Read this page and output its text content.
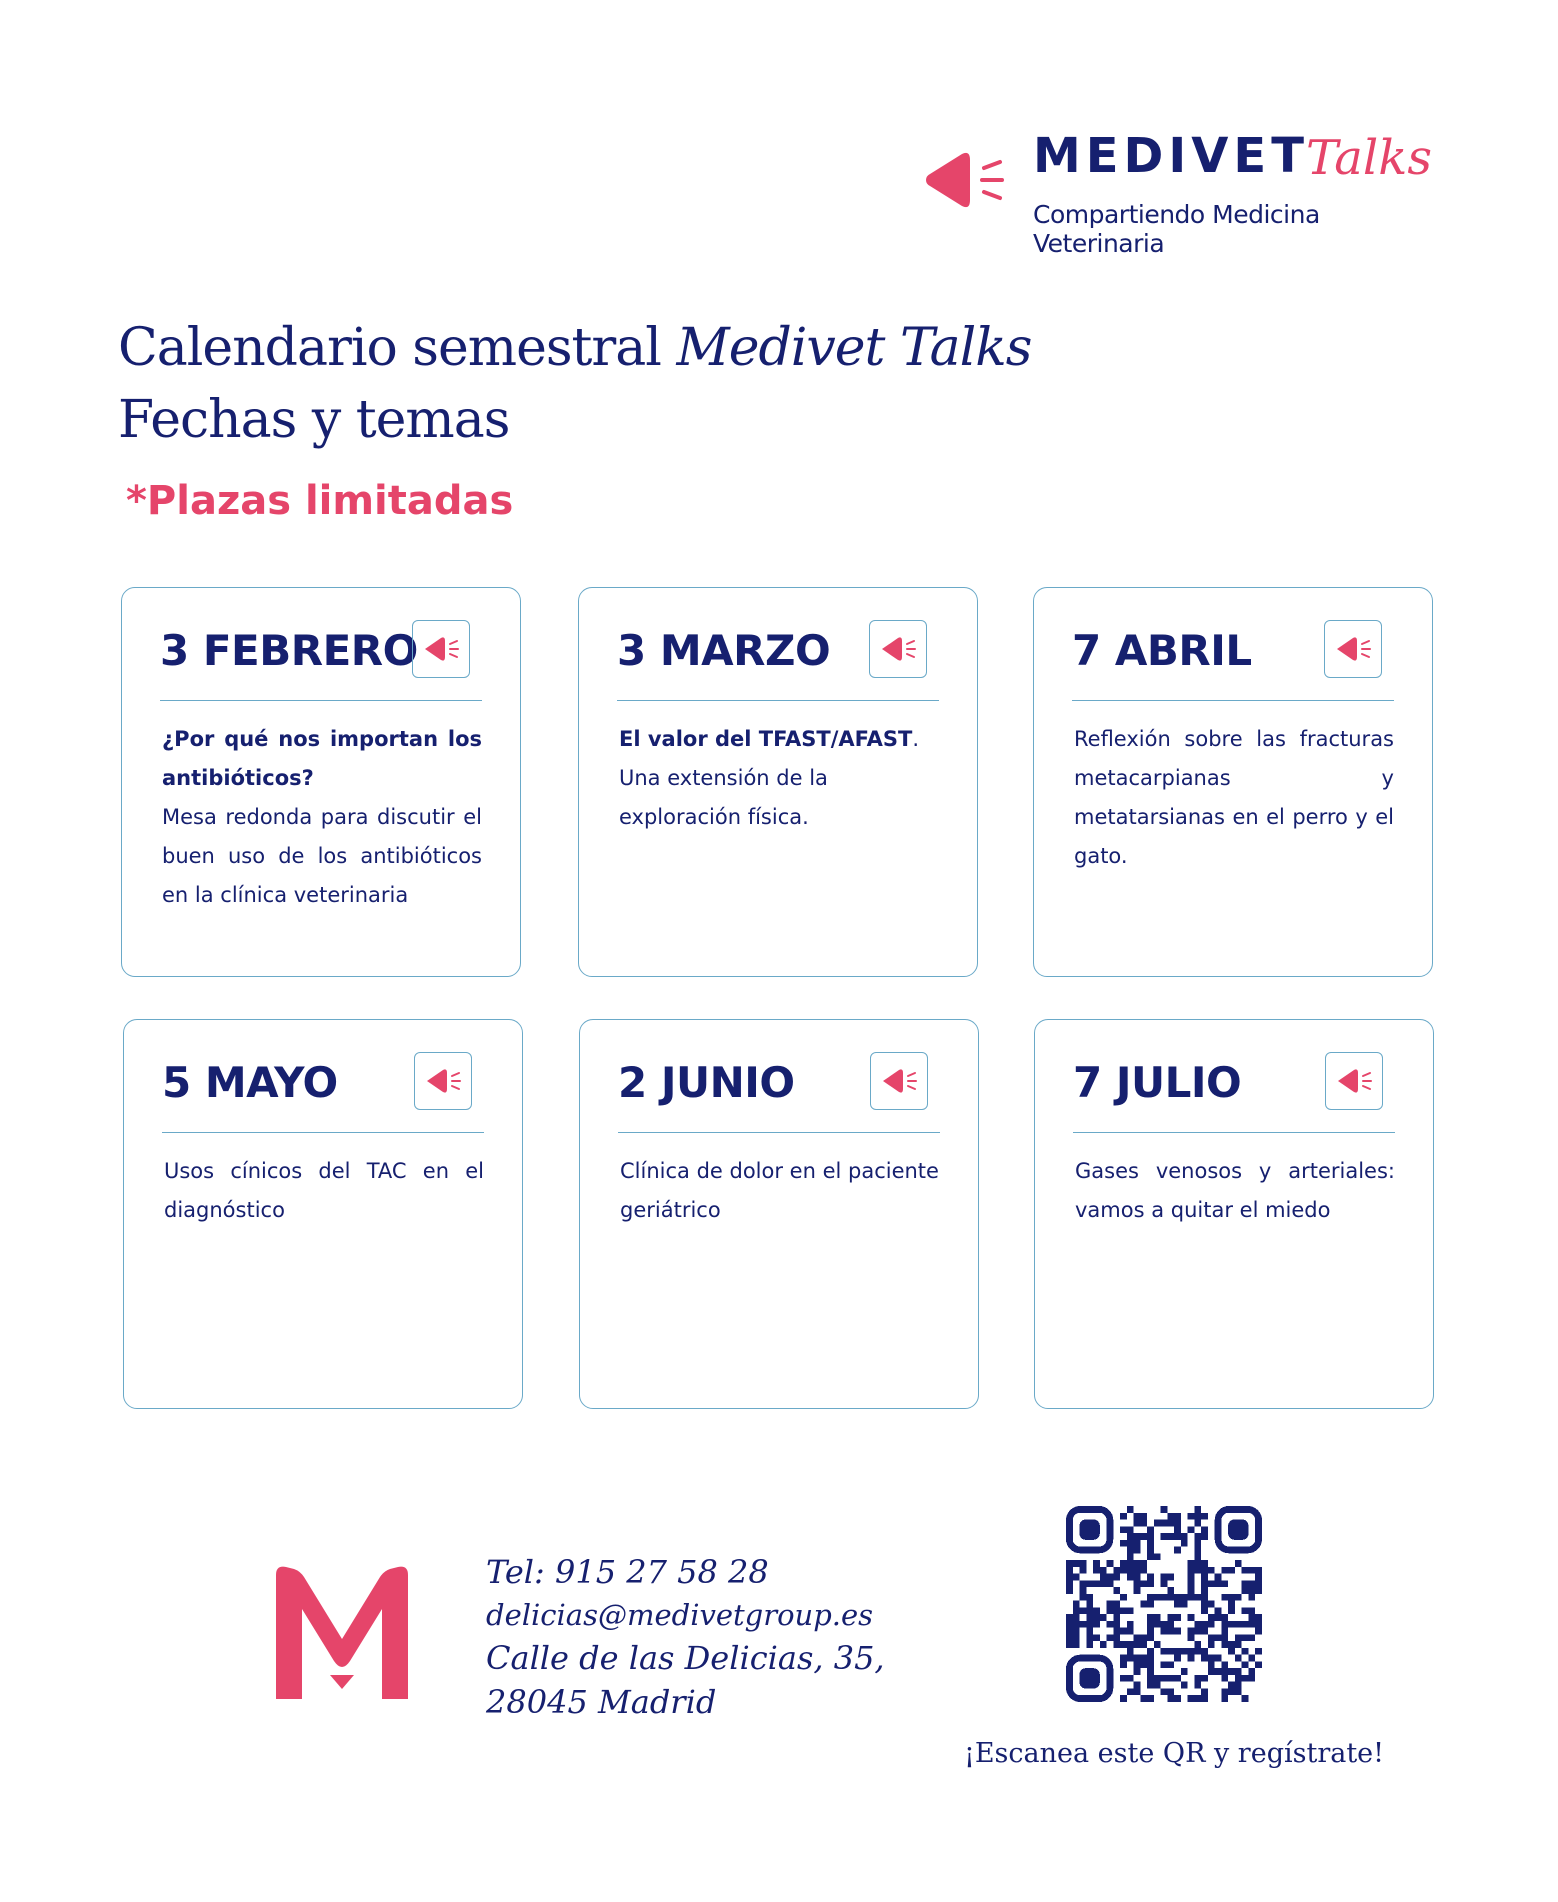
MEDIVET
Talks
Compartiendo Medicina Veterinaria
Calendario semestral Medivet Talks
Fechas y temas
*Plazas limitadas
3 FEBRERO
¿Por qué nos importan los antibióticos?
Mesa redonda para discutir el buen uso de los antibióticos en la clínica veterinaria
3 MARZO
El valor del TFAST/AFAST.
Una extensión de la exploración física.
7 ABRIL
Reflexión sobre las fracturas metacarpianas y metatarsianas en el perro y el gato.
5 MAYO
Usos cínicos del TAC en el diagnóstico
2 JUNIO
Clínica de dolor en el paciente geriátrico
7 JULIO
Gases venosos y arteriales: vamos a quitar el miedo
Tel: 915 27 58 28
delicias@medivetgroup.es
Calle de las Delicias, 35,
28045 Madrid
¡Escanea este QR y regístrate!
